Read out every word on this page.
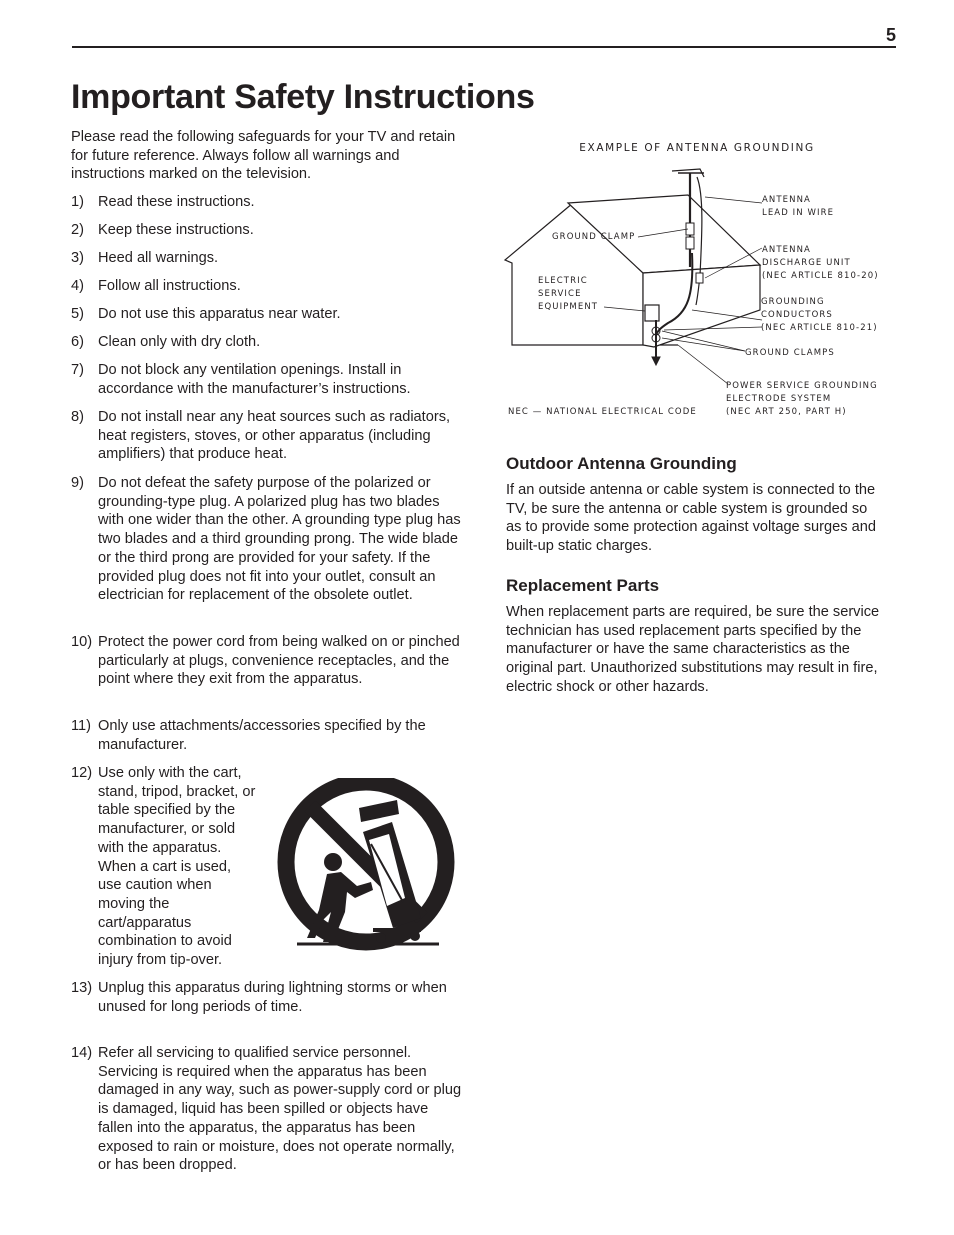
5
Important Safety Instructions

Please read the following safeguards for your TV and retain for future reference. Always follow all warnings and instructions marked on the television.

1) Read these instructions.
2) Keep these instructions.
3) Heed all warnings.
4) Follow all instructions.
5) Do not use this apparatus near water.
6) Clean only with dry cloth.
7) Do not block any ventilation openings. Install in accordance with the manufacturer’s instructions.
8) Do not install near any heat sources such as radiators, heat registers, stoves, or other apparatus (including amplifiers) that produce heat.
9) Do not defeat the safety purpose of the polarized or grounding-type plug. A polarized plug has two blades with one wider than the other. A grounding type plug has two blades and a third grounding prong. The wide blade or the third prong are provided for your safety. If the provided plug does not fit into your outlet, consult an electrician for replacement of the obsolete outlet.
10) Protect the power cord from being walked on or pinched particularly at plugs, convenience receptacles, and the point where they exit from the apparatus.
11) Only use attachments/accessories specified by the manufacturer.
12) Use only with the cart, stand, tripod, bracket, or table specified by the manufacturer, or sold with the apparatus. When a cart is used, use caution when moving the cart/apparatus combination to avoid injury from tip-over.
13) Unplug this apparatus during lightning storms or when unused for long periods of time.
14) Refer all servicing to qualified service personnel. Servicing is required when the apparatus has been damaged in any way, such as power-supply cord or plug is damaged, liquid has been spilled or objects have fallen into the apparatus, the apparatus has been exposed to rain or moisture, does not operate normally, or has been dropped.
EXAMPLE OF ANTENNA GROUNDING
ANTENNA
LEAD IN WIRE
GROUND CLAMP
ANTENNA
DISCHARGE UNIT
(NEC ARTICLE 810-20)
ELECTRIC
SERVICE
EQUIPMENT	GROUNDING
CONDUCTORS
(NEC ARTICLE 810-21)
GROUND CLAMPS
POWER SERVICE GROUNDING
ELECTRODE SYSTEM
(NEC ART 250, PART H)
NEC — NATIONAL ELECTRICAL CODE
Outdoor Antenna Grounding

If an outside antenna or cable system is connected to the TV, be sure the antenna or cable system is grounded so as to provide some protection against voltage surges and built-up static charges.

Replacement Parts

When replacement parts are required, be sure the service technician has used replacement parts specified by the manufacturer or have the same characteristics as the original part. Unauthorized substitutions may result in fire, electric shock or other hazards.
